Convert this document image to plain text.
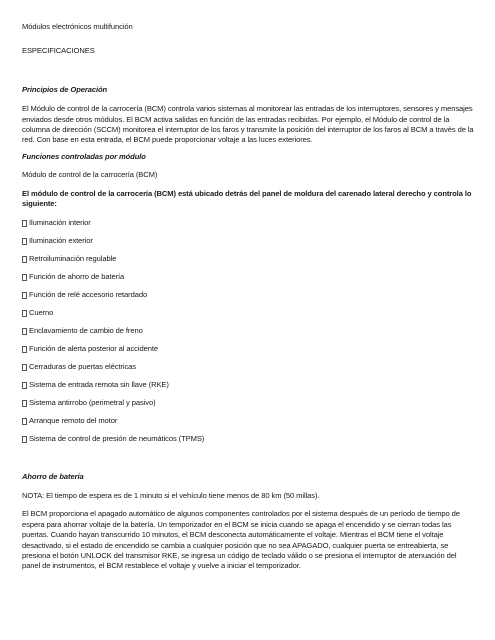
Módulos electrónicos multifunción

ESPECIFICACIONES

Principios de Operación

El Módulo de control de la carrocería (BCM) controla varios sistemas al monitorear las entradas de los interruptores, sensores y mensajes enviados desde otros módulos. El BCM activa salidas en función de las entradas recibidas. Por ejemplo, el Módulo de control de la columna de dirección (SCCM) monitorea el interruptor de los faros y transmite la posición del interruptor de los faros al BCM a través de la red. Con base en esta entrada, el BCM puede proporcionar voltaje a las luces exteriores.

Funciones controladas por módulo

Módulo de control de la carrocería (BCM)

El módulo de control de la carrocería (BCM) está ubicado detrás del panel de moldura del carenado lateral derecho y controla lo siguiente:

Iluminación interior
Iluminación exterior
Retroiluminación regulable
Función de ahorro de batería
Función de relé accesorio retardado
Cuerno
Enclavamiento de cambio de freno
Función de alerta posterior al accidente
Cerraduras de puertas eléctricas
Sistema de entrada remota sin llave (RKE)
Sistema antirrobo (perimetral y pasivo)
Arranque remoto del motor
Sistema de control de presión de neumáticos (TPMS)

Ahorro de batería

NOTA: El tiempo de espera es de 1 minuto si el vehículo tiene menos de 80 km (50 millas).

El BCM proporciona el apagado automático de algunos componentes controlados por el sistema después de un período de tiempo de espera para ahorrar voltaje de la batería. Un temporizador en el BCM se inicia cuando se apaga el encendido y se cierran todas las puertas. Cuando hayan transcurrido 10 minutos, el BCM desconecta automáticamente el voltaje. Mientras el BCM tiene el voltaje desactivado, si el estado de encendido se cambia a cualquier posición que no sea APAGADO, cualquier puerta se entreabierta, se presiona el botón UNLOCK del transmisor RKE, se ingresa un código de teclado válido o se presiona el interruptor de atenuación del panel de instrumentos, el BCM restablece el voltaje y vuelve a iniciar el temporizador.
